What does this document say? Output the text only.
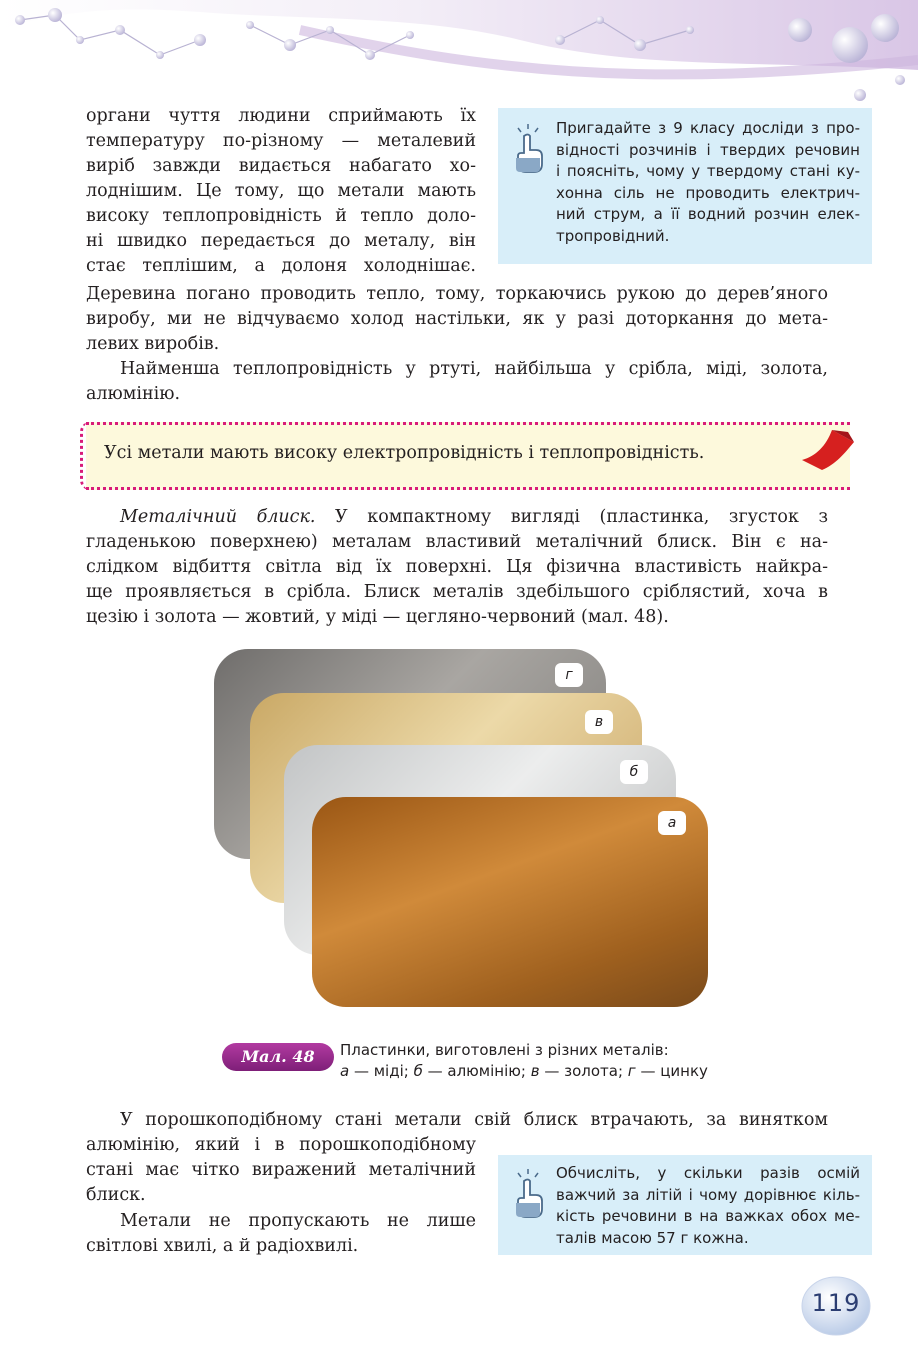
органи чуття людини сприймають їх
температуру по-різному — металевий
виріб завжди видається набагато хо-
лоднішим. Це тому, що метали мають
високу теплопровідність й тепло доло-
ні швидко передається до металу, він
стає теплішим, а долоня холоднішає.
Пригадайте з 9 класу досліди з про-
відності розчинів і твердих речовин
і поясніть, чому у твердому стані ку-
хонна сіль не проводить електрич-
ний струм, а її водний розчин елек-
тропровідний.
Деревина погано проводить тепло, тому, торкаючись рукою до дерев’яного
виробу, ми не відчуваємо холод настільки, як у разі доторкання до мета-
левих виробів.
Найменша теплопровідність у ртуті, найбільша у срібла, міді, золота,
алюмінію.
Усі метали мають високу електропровідність і теплопровідність.
Металічний блиск. У компактному вигляді (пластинка, згусток з
гладенькою поверхнею) металам властивий металічний блиск. Він є на-
слідком відбиття світла від їх поверхні. Ця фізична властивість найкра-
ще проявляється в срібла. Блиск металів здебільшого сріблястий, хоча в
цезію і золота — жовтий, у міді — цегляно-червоний (мал. 48).
г
в
б
а
Мал. 48	Пластинки, виготовлені з різних металів:
а — міді; б — алюмінію; в — золота; г — цинку
У порошкоподібному стані метали свій блиск втрачають, за винятком
алюмінію, який і в порошкоподібному
стані має чітко виражений металічний
блиск.
Метали не пропускають не лише
світлові хвилі, а й радіохвилі.
Обчисліть, у скільки разів осмій
важчий за літій і чому дорівнює кіль-
кість речовини в на важках обох ме-
талів масою 57 г кожна.
119
